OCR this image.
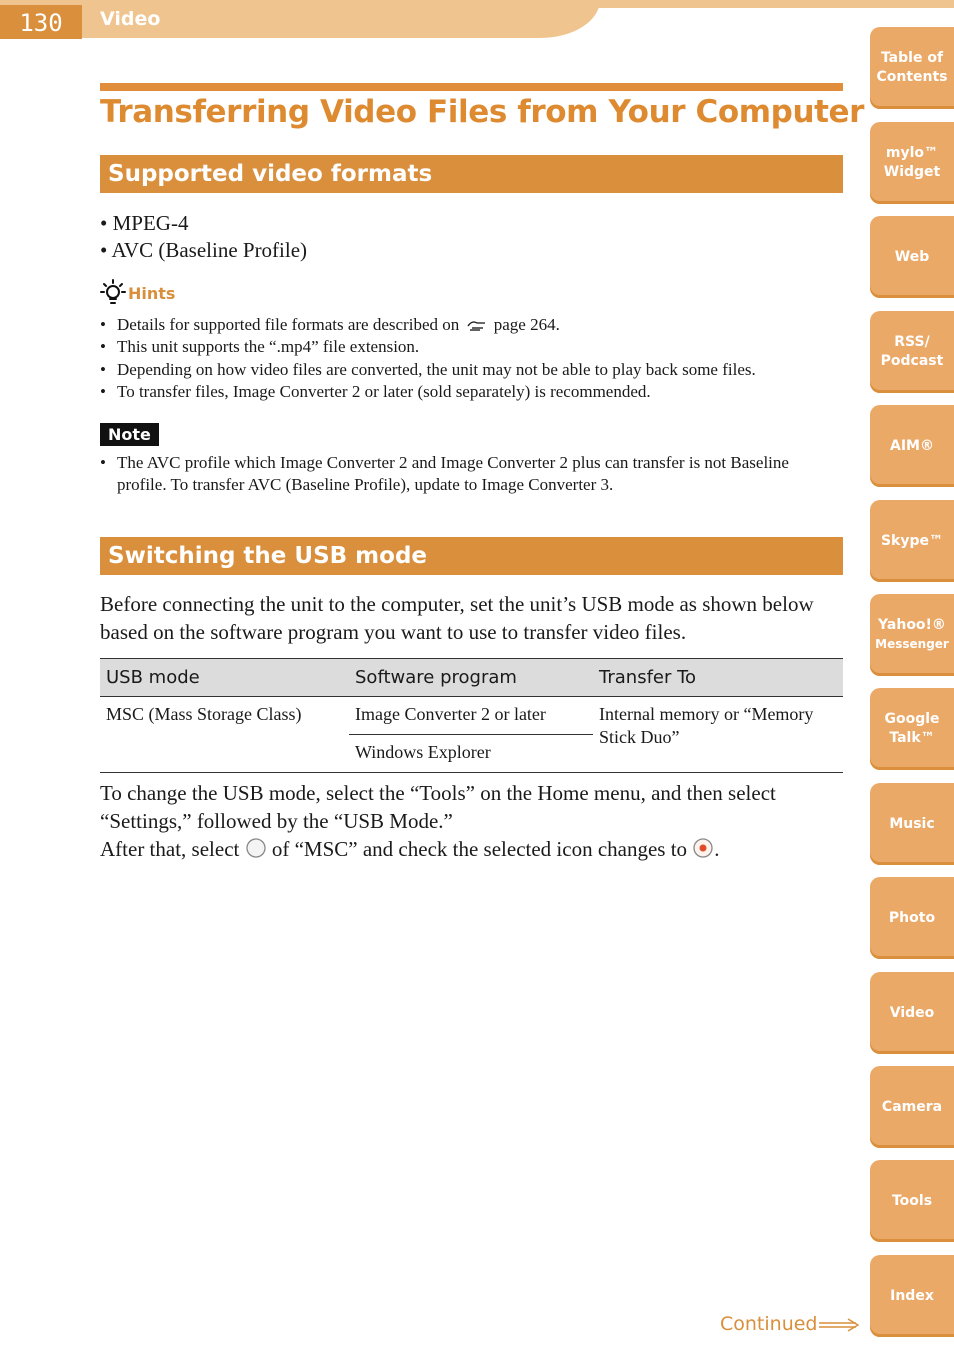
130	Video
Transferring Video Files from Your Computer
Supported video formats
• MPEG-4
• AVC (Baseline Profile)
Hints
• Details for supported file formats are described on page 264.
• This unit supports the “.mp4” file extension.
• Depending on how video files are converted, the unit may not be able to play back some files.
• To transfer files, Image Converter 2 or later (sold separately) is recommended.
Note
• The AVC profile which Image Converter 2 and Image Converter 2 plus can transfer is not Baseline profile. To transfer AVC (Baseline Profile), update to Image Converter 3.
Switching the USB mode

Before connecting the unit to the computer, set the unit’s USB mode as shown below based on the software program you want to use to transfer video files.

USB mode	Software program	Transfer To
MSC (Mass Storage Class)	Image Converter 2 or later	Internal memory or “Memory Stick Duo”
	Windows Explorer	

To change the USB mode, select the “Tools” on the Home menu, and then select “Settings,” followed by the “USB Mode.”
After that, select of “MSC” and check the selected icon changes to .

Table of
Contents
mylo™
Widget
Web
RSS/
Podcast
AIM®
Skype™
Yahoo!®
Messenger
Google
Talk™
Music
Photo
Video
Camera
Tools
Index
Continued
